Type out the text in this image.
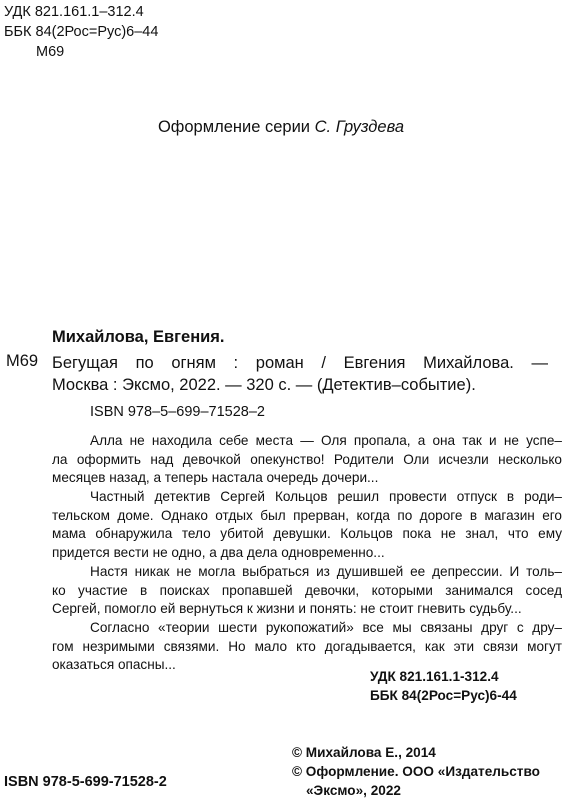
УДК 821.161.1–312.4
ББК 84(2Рос=Рус)6–44
М69
Оформление серии С. Груздева
Михайлова, Евгения.
М69 Бегущая по огням : роман / Евгения Михайлова. —
Москва : Эксмо, 2022. — 320 с. — (Детектив–событие).
ISBN 978–5–699–71528–2
Алла не находила себе места — Оля пропала, а она так и не успе–
ла оформить над девочкой опекунство! Родители Оли исчезли несколько
месяцев назад, а теперь настала очередь дочери...
Частный детектив Сергей Кольцов решил провести отпуск в роди–
тельском доме. Однако отдых был прерван, когда по дороге в магазин его
мама обнаружила тело убитой девушки. Кольцов пока не знал, что ему
придется вести не одно, а два дела одновременно...
Настя никак не могла выбраться из душившей ее депрессии. И толь–
ко участие в поисках пропавшей девочки, которыми занимался сосед
Сергей, помогло ей вернуться к жизни и понять: не стоит гневить судьбу...
Согласно «теории шести рукопожатий» все мы связаны друг с дру–
гом незримыми связями. Но мало кто догадывается, как эти связи могут
оказаться опасны...
УДК 821.161.1-312.4
ББК 84(2Рос=Рус)6-44
© Михайлова Е., 2014
© Оформление. ООО «Издательство
«Эксмо», 2022
ISBN 978-5-699-71528-2
